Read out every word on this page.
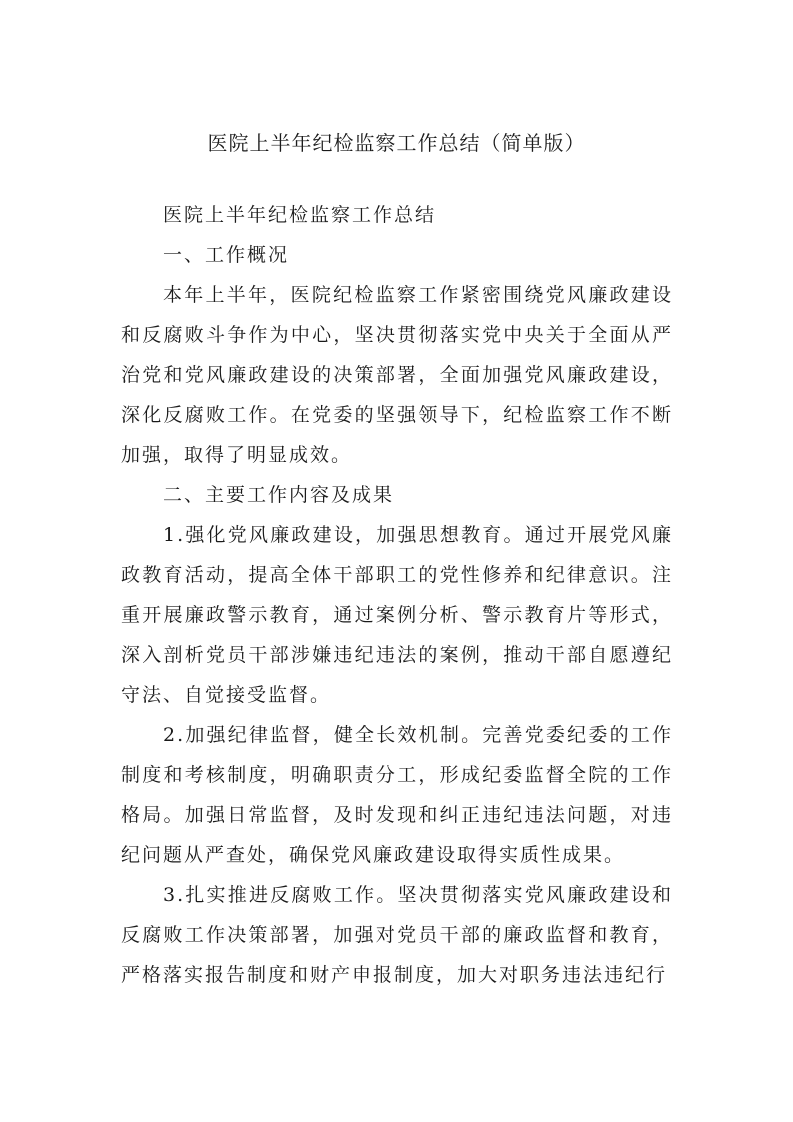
医院上半年纪检监察工作总结（简单版）

医院上半年纪检监察工作总结

一、工作概况

本年上半年，医院纪检监察工作紧密围绕党风廉政建设和反腐败斗争作为中心，坚决贯彻落实党中央关于全面从严治党和党风廉政建设的决策部署，全面加强党风廉政建设，深化反腐败工作。在党委的坚强领导下，纪检监察工作不断加强，取得了明显成效。

二、主要工作内容及成果

1.强化党风廉政建设，加强思想教育。通过开展党风廉政教育活动，提高全体干部职工的党性修养和纪律意识。注重开展廉政警示教育，通过案例分析、警示教育片等形式，深入剖析党员干部涉嫌违纪违法的案例，推动干部自愿遵纪守法、自觉接受监督。

2.加强纪律监督，健全长效机制。完善党委纪委的工作制度和考核制度，明确职责分工，形成纪委监督全院的工作格局。加强日常监督，及时发现和纠正违纪违法问题，对违纪问题从严查处，确保党风廉政建设取得实质性成果。

3.扎实推进反腐败工作。坚决贯彻落实党风廉政建设和反腐败工作决策部署，加强对党员干部的廉政监督和教育，严格落实报告制度和财产申报制度，加大对职务违法违纪行
